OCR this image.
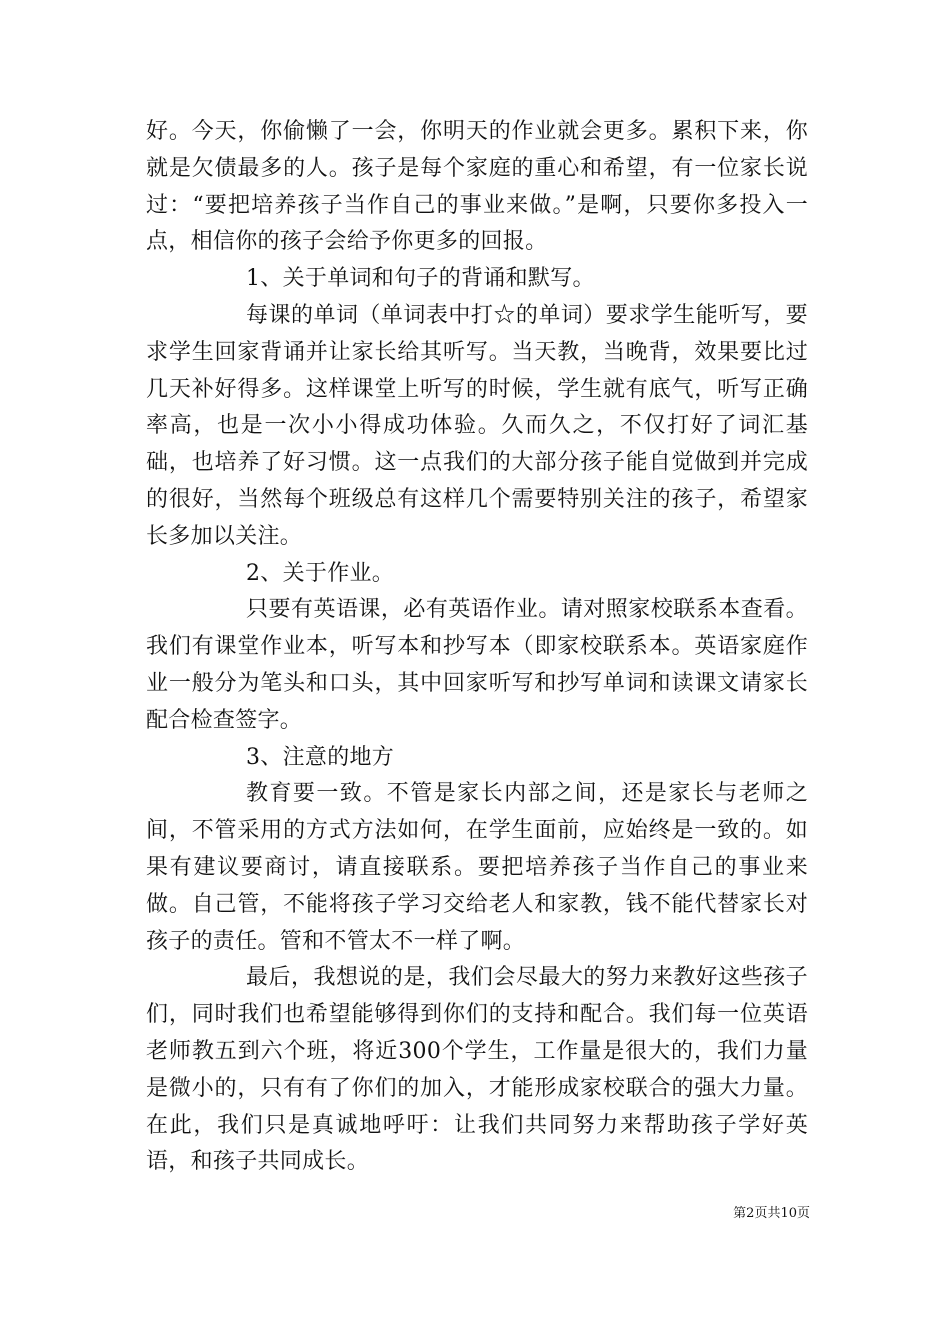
好。今天，你偷懒了一会，你明天的作业就会更多。累积下来，你就是欠债最多的人。孩子是每个家庭的重心和希望，有一位家长说过：“要把培养孩子当作自己的事业来做。”是啊，只要你多投入一点，相信你的孩子会给予你更多的回报。

1、关于单词和句子的背诵和默写。

每课的单词（单词表中打☆的单词）要求学生能听写，要求学生回家背诵并让家长给其听写。当天教，当晚背，效果要比过几天补好得多。这样课堂上听写的时候，学生就有底气，听写正确率高，也是一次小小得成功体验。久而久之，不仅打好了词汇基础，也培养了好习惯。这一点我们的大部分孩子能自觉做到并完成的很好，当然每个班级总有这样几个需要特别关注的孩子，希望家长多加以关注。

2、关于作业。

只要有英语课，必有英语作业。请对照家校联系本查看。我们有课堂作业本，听写本和抄写本（即家校联系本。英语家庭作业一般分为笔头和口头，其中回家听写和抄写单词和读课文请家长配合检查签字。

3、注意的地方

教育要一致。不管是家长内部之间，还是家长与老师之间，不管采用的方式方法如何，在学生面前，应始终是一致的。如果有建议要商讨，请直接联系。要把培养孩子当作自己的事业来做。自己管，不能将孩子学习交给老人和家教，钱不能代替家长对孩子的责任。管和不管太不一样了啊。

最后，我想说的是，我们会尽最大的努力来教好这些孩子们，同时我们也希望能够得到你们的支持和配合。我们每一位英语老师教五到六个班，将近300个学生，工作量是很大的，我们力量是微小的，只有有了你们的加入，才能形成家校联合的强大力量。在此，我们只是真诚地呼吁：让我们共同努力来帮助孩子学好英语，和孩子共同成长。

第2页共10页
